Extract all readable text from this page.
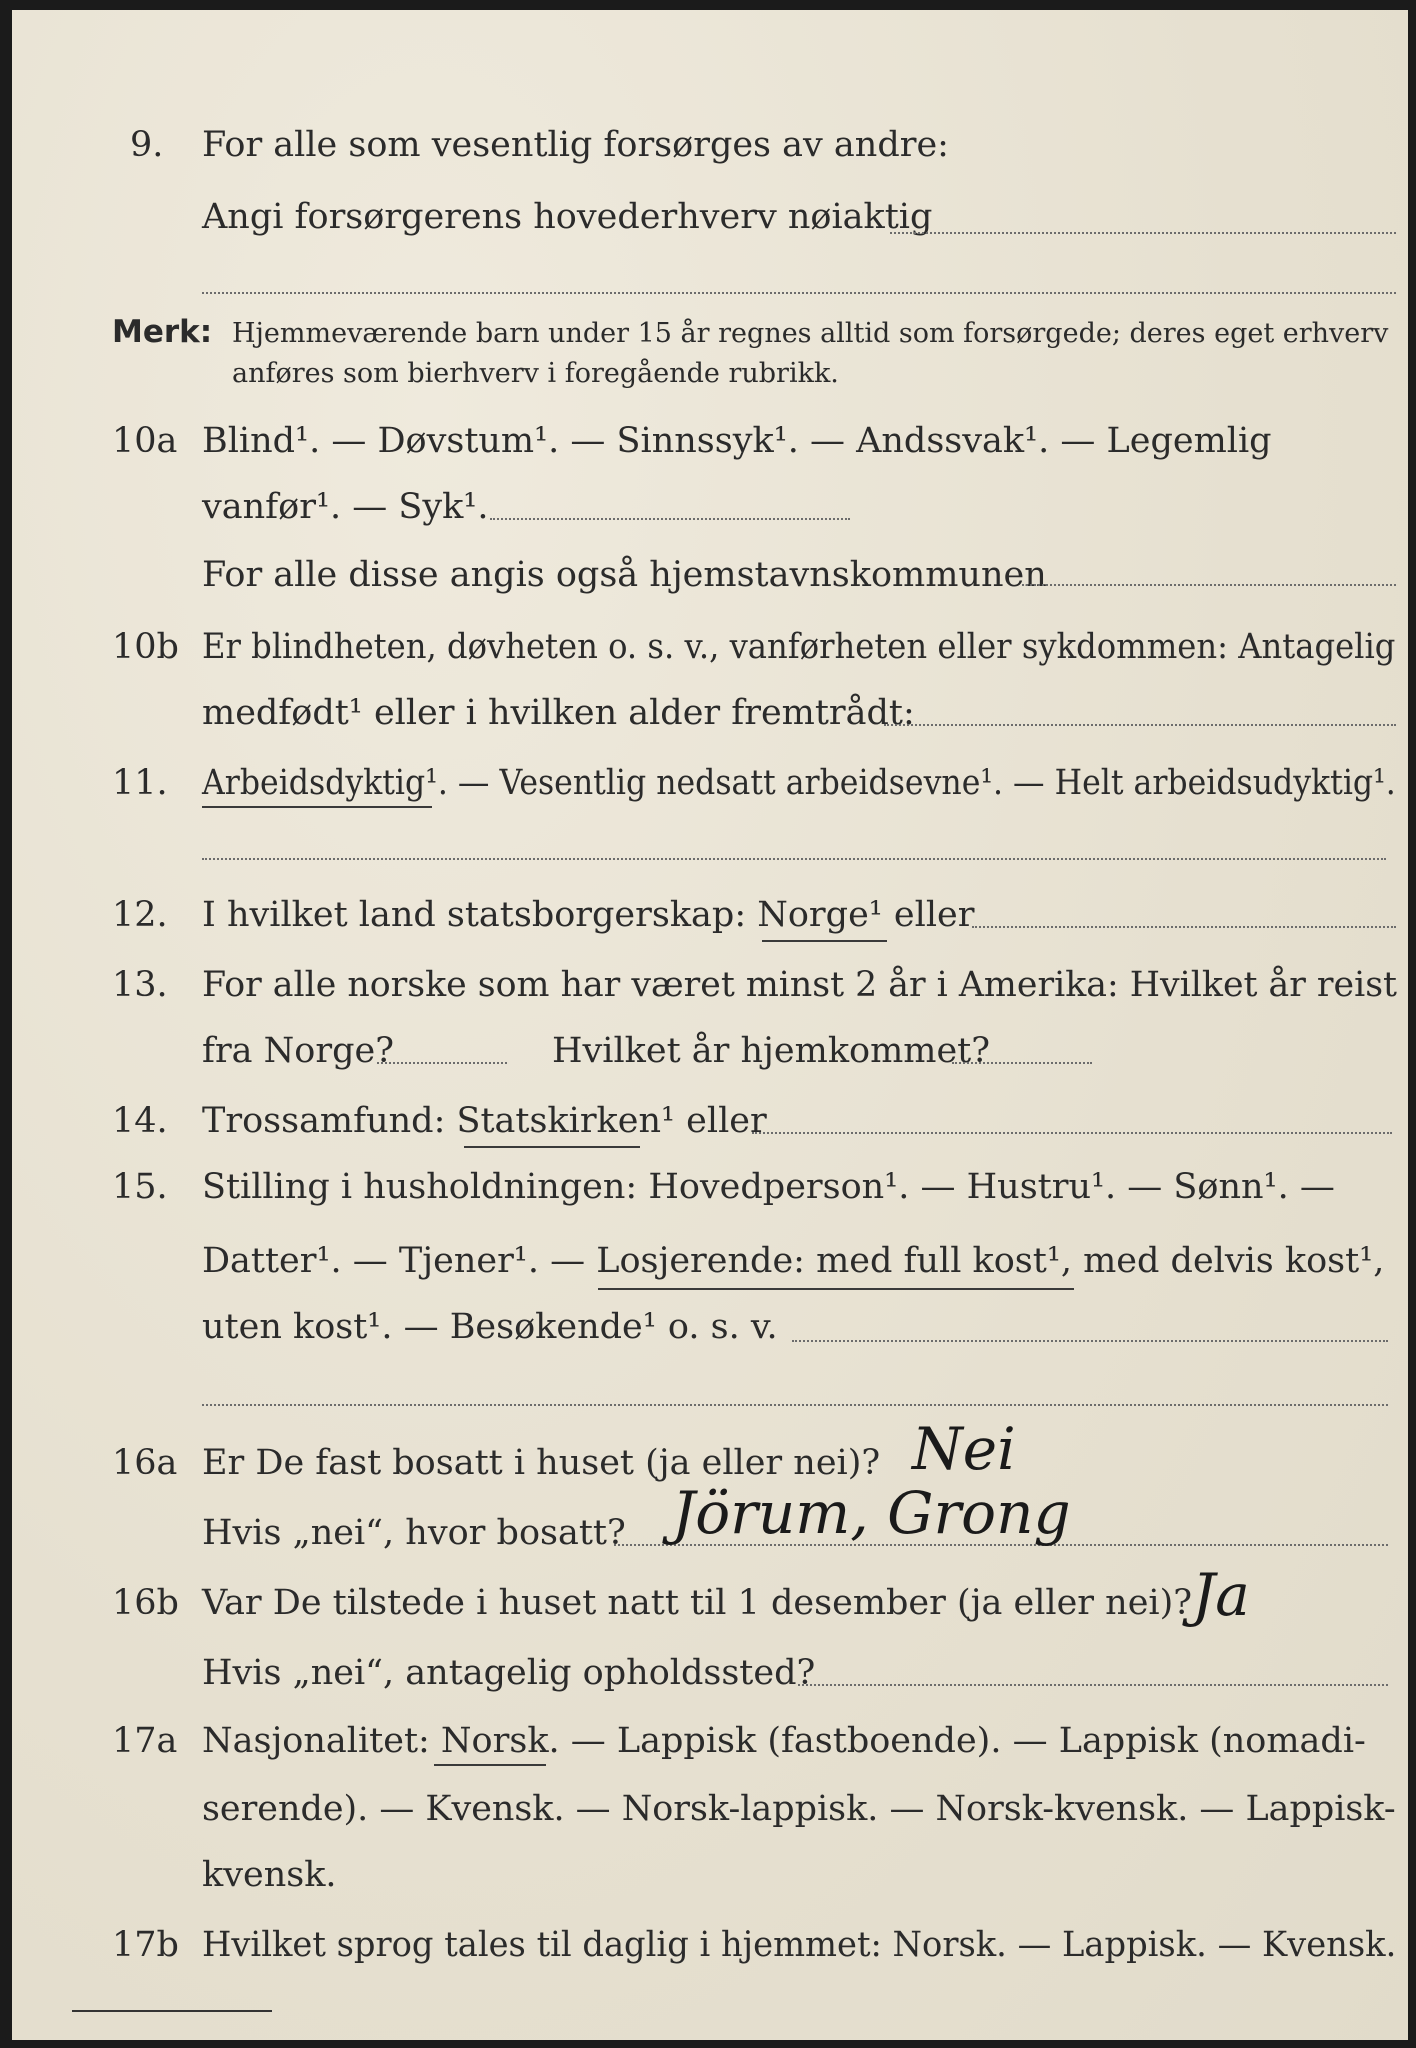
9. For alle som vesentlig forsørges av andre:
Angi forsørgerens hovederhverv nøiaktig
Merk: Hjemmeværende barn under 15 år regnes alltid som forsørgede; deres eget erhverv
anføres som bierhverv i foregående rubrikk.
10a Blind¹. — Døvstum¹. — Sinnssyk¹. — Andssvak¹. — Legemlig
vanfør¹. — Syk¹.
For alle disse angis også hjemstavnskommunen
10b Er blindheten, døvheten o. s. v., vanførheten eller sykdommen: Antagelig
medfødt¹ eller i hvilken alder fremtrådt:
11. Arbeidsdyktig¹. — Vesentlig nedsatt arbeidsevne¹. — Helt arbeidsudyktig¹.
12. I hvilket land statsborgerskap: Norge¹ eller
13. For alle norske som har været minst 2 år i Amerika: Hvilket år reist
fra Norge?	Hvilket år hjemkommet?
14. Trossamfund: Statskirken¹ eller
15. Stilling i husholdningen: Hovedperson¹. — Hustru¹. — Sønn¹. —
Datter¹. — Tjener¹. — Losjerende: med full kost¹, med delvis kost¹,
uten kost¹. — Besøkende¹ o. s. v.
16a Er De fast bosatt i huset (ja eller nei)? Nei
Hvis „nei“, hvor bosatt? Jörum, Grong
16b Var De tilstede i huset natt til 1 desember (ja eller nei)? Ja
Hvis „nei“, antagelig opholdssted?
17a Nasjonalitet: Norsk. — Lappisk (fastboende). — Lappisk (nomadi-
serende). — Kvensk. — Norsk-lappisk. — Norsk-kvensk. — Lappisk-
kvensk.
17b Hvilket sprog tales til daglig i hjemmet: Norsk. — Lappisk. — Kvensk.
